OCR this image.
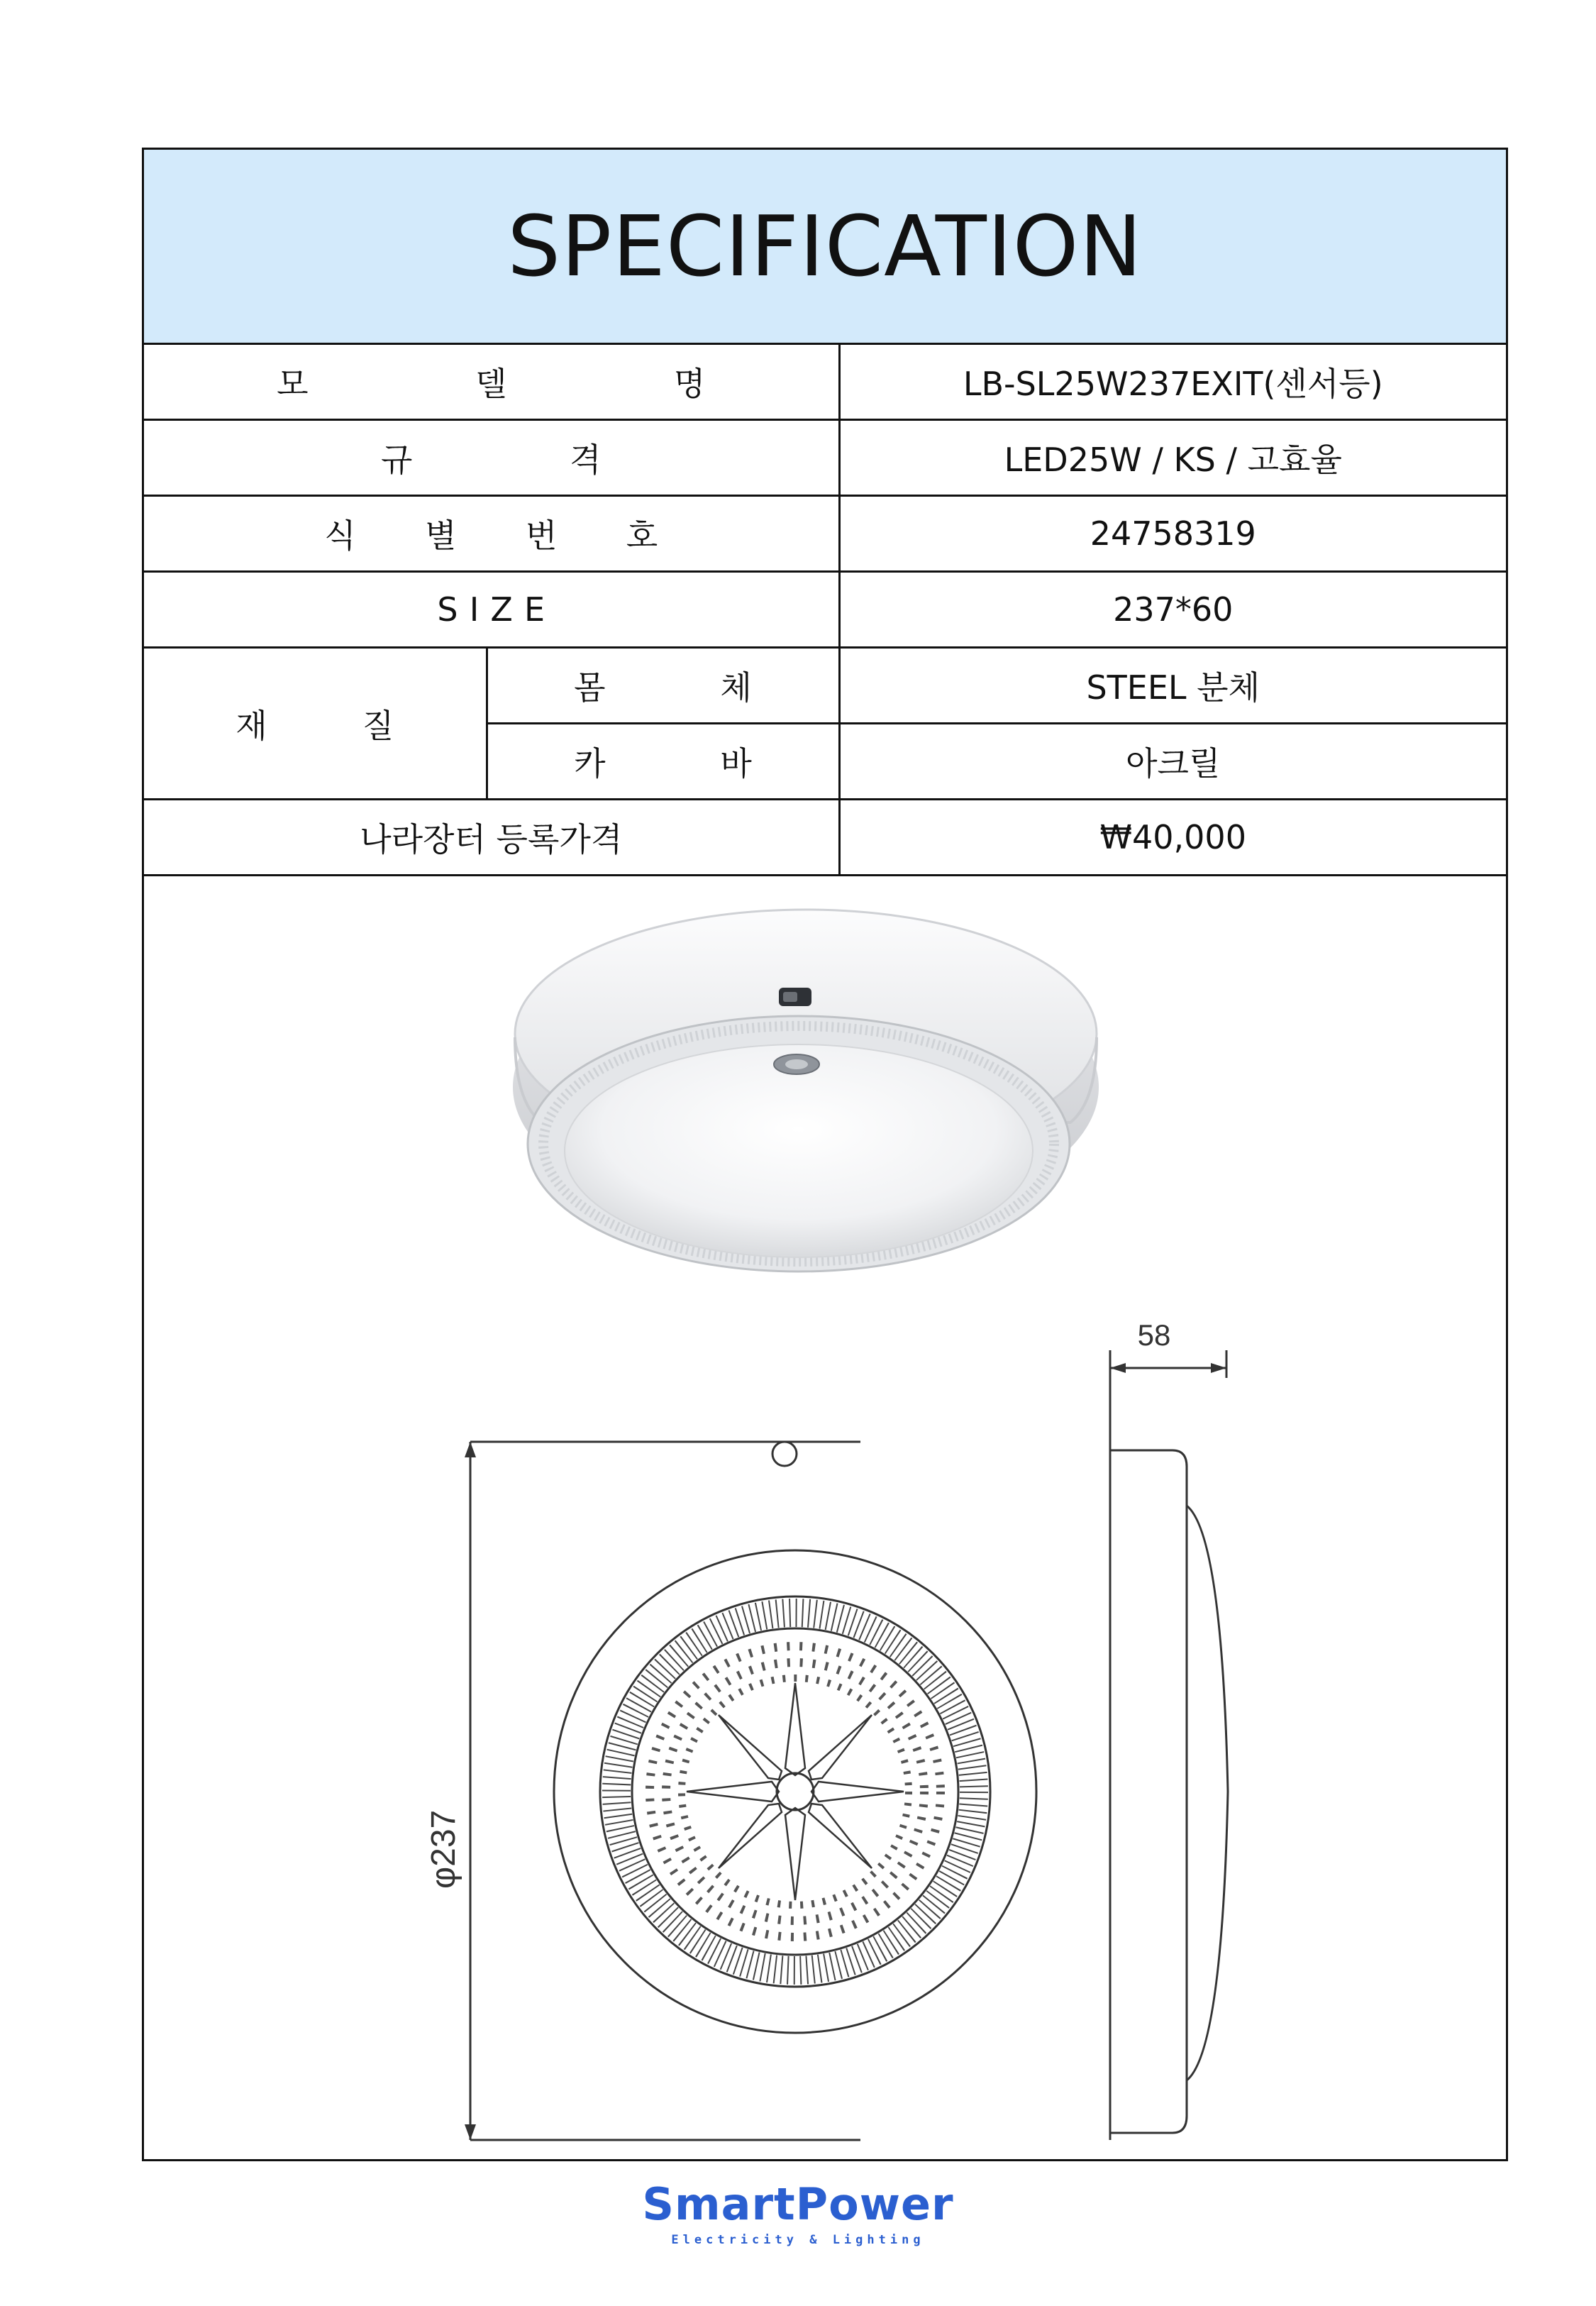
SPECIFICATION		
모 델 명		LB-SL25W237EXIT(센서등)
규 격		LED25W / KS / 고효율
식 별 번 호		24758319
SIZE		237*60
재 질	몸 체	STEEL 분체
	카 바	아크릴
나라장터 등록가격		₩40,000
φ237
58
SmartPower
Electricity & Lighting
